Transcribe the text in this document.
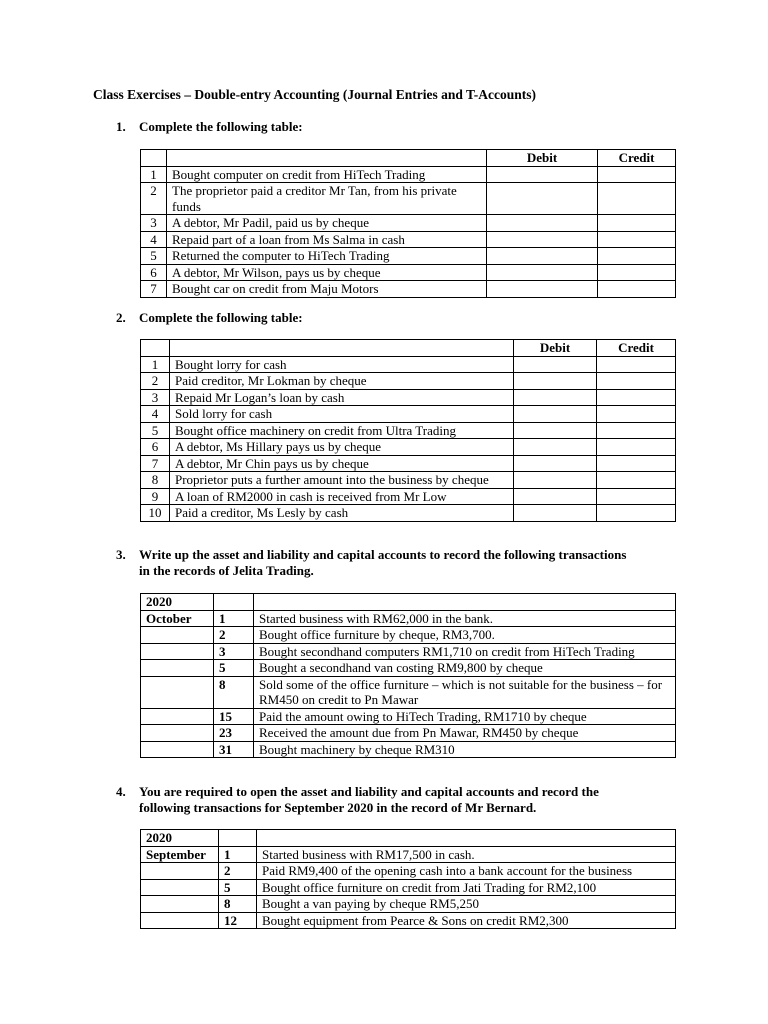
Class Exercises – Double-entry Accounting (Journal Entries and T-Accounts)
1. Complete the following table:
		Debit	Credit
1	Bought computer on credit from HiTech Trading		
2	The proprietor paid a creditor Mr Tan, from his private funds		
3	A debtor, Mr Padil, paid us by cheque		
4	Repaid part of a loan from Ms Salma in cash		
5	Returned the computer to HiTech Trading		
6	A debtor, Mr Wilson, pays us by cheque		
7	Bought car on credit from Maju Motors		
2. Complete the following table:
		Debit	Credit
1	Bought lorry for cash		
2	Paid creditor, Mr Lokman by cheque		
3	Repaid Mr Logan’s loan by cash		
4	Sold lorry for cash		
5	Bought office machinery on credit from Ultra Trading		
6	A debtor, Ms Hillary pays us by cheque		
7	A debtor, Mr Chin pays us by cheque		
8	Proprietor puts a further amount into the business by cheque		
9	A loan of RM2000 in cash is received from Mr Low		
10	Paid a creditor, Ms Lesly by cash		
3. Write up the asset and liability and capital accounts to record the following transactions
in the records of Jelita Trading.
2020		
October	1	Started business with RM62,000 in the bank.
	2	Bought office furniture by cheque, RM3,700.
	3	Bought secondhand computers RM1,710 on credit from HiTech Trading
	5	Bought a secondhand van costing RM9,800 by cheque
	8	Sold some of the office furniture – which is not suitable for the business – for RM450 on credit to Pn Mawar
	15	Paid the amount owing to HiTech Trading, RM1710 by cheque
	23	Received the amount due from Pn Mawar, RM450 by cheque
	31	Bought machinery by cheque RM310
4. You are required to open the asset and liability and capital accounts and record the
following transactions for September 2020 in the record of Mr Bernard.
2020		
September	1	Started business with RM17,500 in cash.
	2	Paid RM9,400 of the opening cash into a bank account for the business
	5	Bought office furniture on credit from Jati Trading for RM2,100
	8	Bought a van paying by cheque RM5,250
	12	Bought equipment from Pearce & Sons on credit RM2,300
